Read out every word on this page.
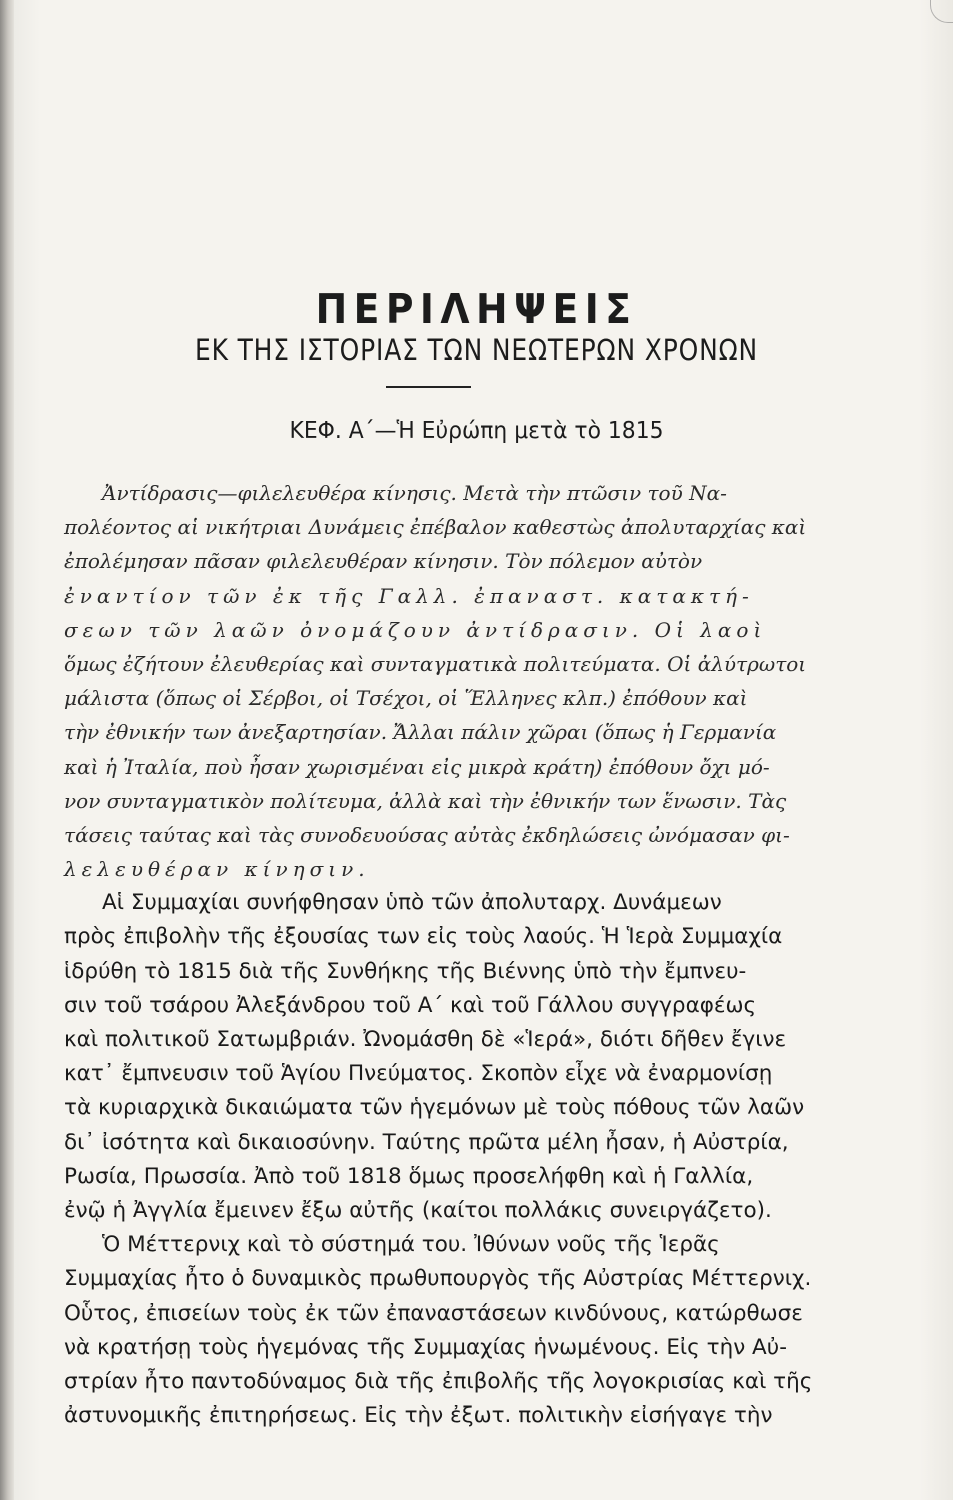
ΠΕΡΙΛΗΨΕΙΣ
ΕΚ ΤΗΣ ΙΣΤΟΡΙΑΣ ΤΩΝ ΝΕΩΤΕΡΩΝ ΧΡΟΝΩΝ
ΚΕΦ. Α΄—Ἡ Εὐρώπη μετὰ τὸ 1815
Ἀντίδρασις—φιλελευθέρα κίνησις. Μετὰ τὴν πτῶσιν τοῦ Να-
πολέοντος αἱ νικήτριαι Δυνάμεις ἐπέβαλον καθεστὼς ἀπολυταρχίας καὶ
ἐπολέμησαν πᾶσαν φιλελευθέραν κίνησιν. Τὸν πόλεμον αὐτὸν
ἐναντίον τῶν ἐκ τῆς Γαλλ. ἐπαναστ. κατακτή-
σεων τῶν λαῶν ὀνομάζουν ἀντίδρασιν. Οἱ λαοὶ
ὅμως ἐζήτουν ἐλευθερίας καὶ συνταγματικὰ πολιτεύματα. Οἱ ἀλύτρωτοι
μάλιστα (ὅπως οἱ Σέρβοι, οἱ Τσέχοι, οἱ Ἕλληνες κλπ.) ἐπόθουν καὶ
τὴν ἐθνικήν των ἀνεξαρτησίαν. Ἄλλαι πάλιν χῶραι (ὅπως ἡ Γερμανία
καὶ ἡ Ἰταλία, ποὺ ἦσαν χωρισμέναι εἰς μικρὰ κράτη) ἐπόθουν ὄχι μό-
νον συνταγματικὸν πολίτευμα, ἀλλὰ καὶ τὴν ἐθνικήν των ἕνωσιν. Τὰς
τάσεις ταύτας καὶ τὰς συνοδευούσας αὐτὰς ἐκδηλώσεις ὠνόμασαν φι-
λελευθέραν κίνησιν.
Αἱ Συμμαχίαι συνήφθησαν ὑπὸ τῶν ἀπολυταρχ. Δυνάμεων
πρὸς ἐπιβολὴν τῆς ἐξουσίας των εἰς τοὺς λαούς. Ἡ Ἱερὰ Συμμαχία
ἱδρύθη τὸ 1815 διὰ τῆς Συνθήκης τῆς Βιέννης ὑπὸ τὴν ἔμπνευ-
σιν τοῦ τσάρου Ἀλεξάνδρου τοῦ Α΄ καὶ τοῦ Γάλλου συγγραφέως
καὶ πολιτικοῦ Σατωμβριάν. Ὠνομάσθη δὲ «Ἱερά», διότι δῆθεν ἔγινε
κατ᾽ ἔμπνευσιν τοῦ Ἁγίου Πνεύματος. Σκοπὸν εἶχε νὰ ἐναρμονίσῃ
τὰ κυριαρχικὰ δικαιώματα τῶν ἡγεμόνων μὲ τοὺς πόθους τῶν λαῶν
δι᾽ ἰσότητα καὶ δικαιοσύνην. Ταύτης πρῶτα μέλη ἦσαν, ἡ Αὐστρία,
Ρωσία, Πρωσσία. Ἀπὸ τοῦ 1818 ὅμως προσελήφθη καὶ ἡ Γαλλία,
ἐνῷ ἡ Ἀγγλία ἔμεινεν ἔξω αὐτῆς (καίτοι πολλάκις συνειργάζετο).
Ὁ Μέττερνιχ καὶ τὸ σύστημά του. Ἰθύνων νοῦς τῆς Ἱερᾶς
Συμμαχίας ἦτο ὁ δυναμικὸς πρωθυπουργὸς τῆς Αὐστρίας Μέττερνιχ.
Οὗτος, ἐπισείων τοὺς ἐκ τῶν ἐπαναστάσεων κινδύνους, κατώρθωσε
νὰ κρατήσῃ τοὺς ἡγεμόνας τῆς Συμμαχίας ἡνωμένους. Εἰς τὴν Αὐ-
στρίαν ἦτο παντοδύναμος διὰ τῆς ἐπιβολῆς τῆς λογοκρισίας καὶ τῆς
ἀστυνομικῆς ἐπιτηρήσεως. Εἰς τὴν ἐξωτ. πολιτικὴν εἰσήγαγε τὴν
